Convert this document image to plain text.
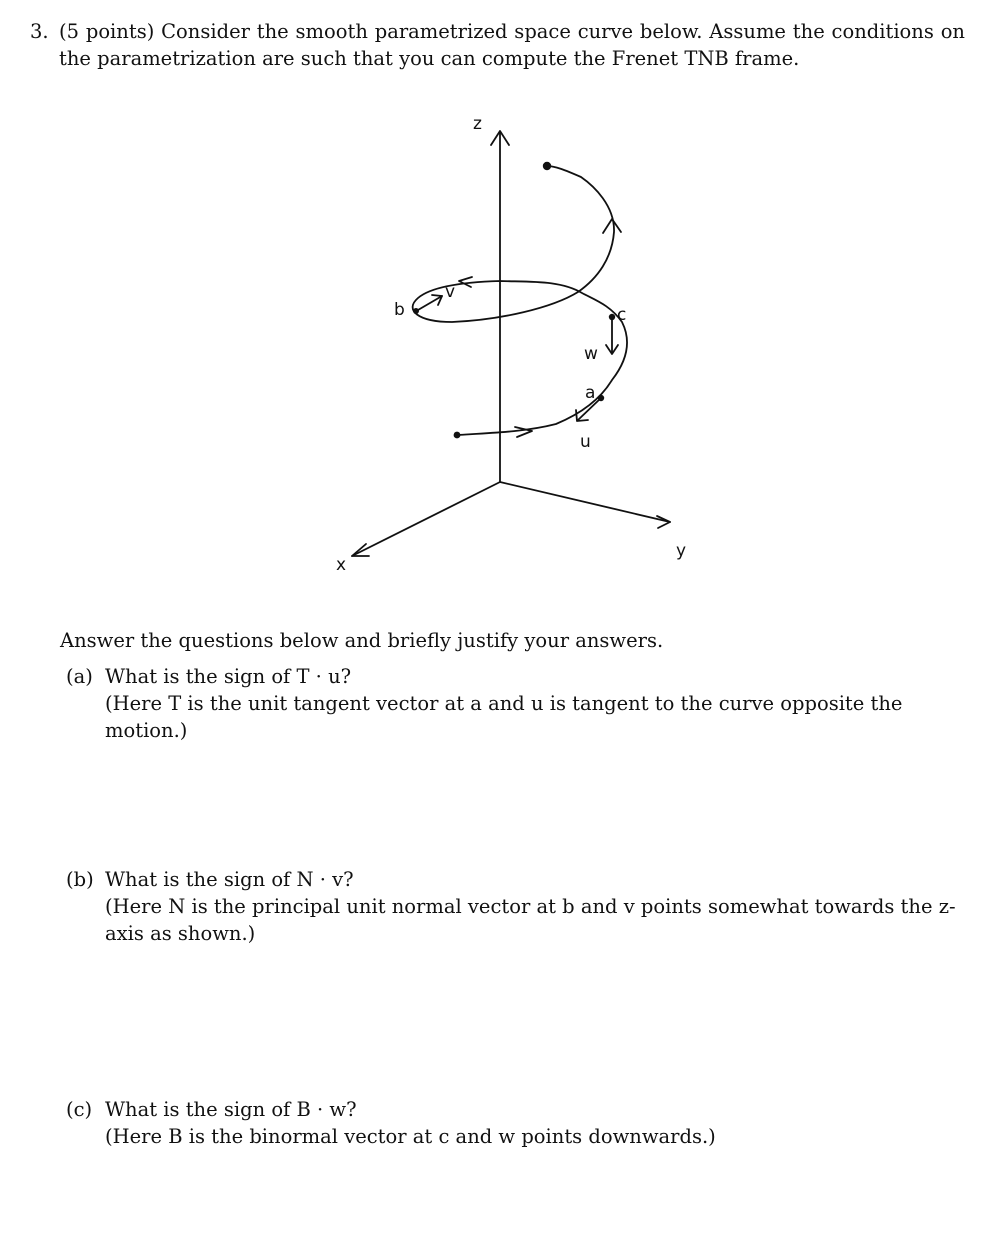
3. (5 points) Consider the smooth parametrized space curve below. Assume the conditions on the parametrization are such that you can compute the Frenet TNB frame.
z
x
y
a
b	c
u
v
w
Answer the questions below and briefly justify your answers.
(a) What is the sign of T · u?
(Here T is the unit tangent vector at a and u is tangent to the curve opposite the motion.)
(b) What is the sign of N · v?
(Here N is the principal unit normal vector at b and v points somewhat towards the z-axis as shown.)
(c) What is the sign of B · w?
(Here B is the binormal vector at c and w points downwards.)
